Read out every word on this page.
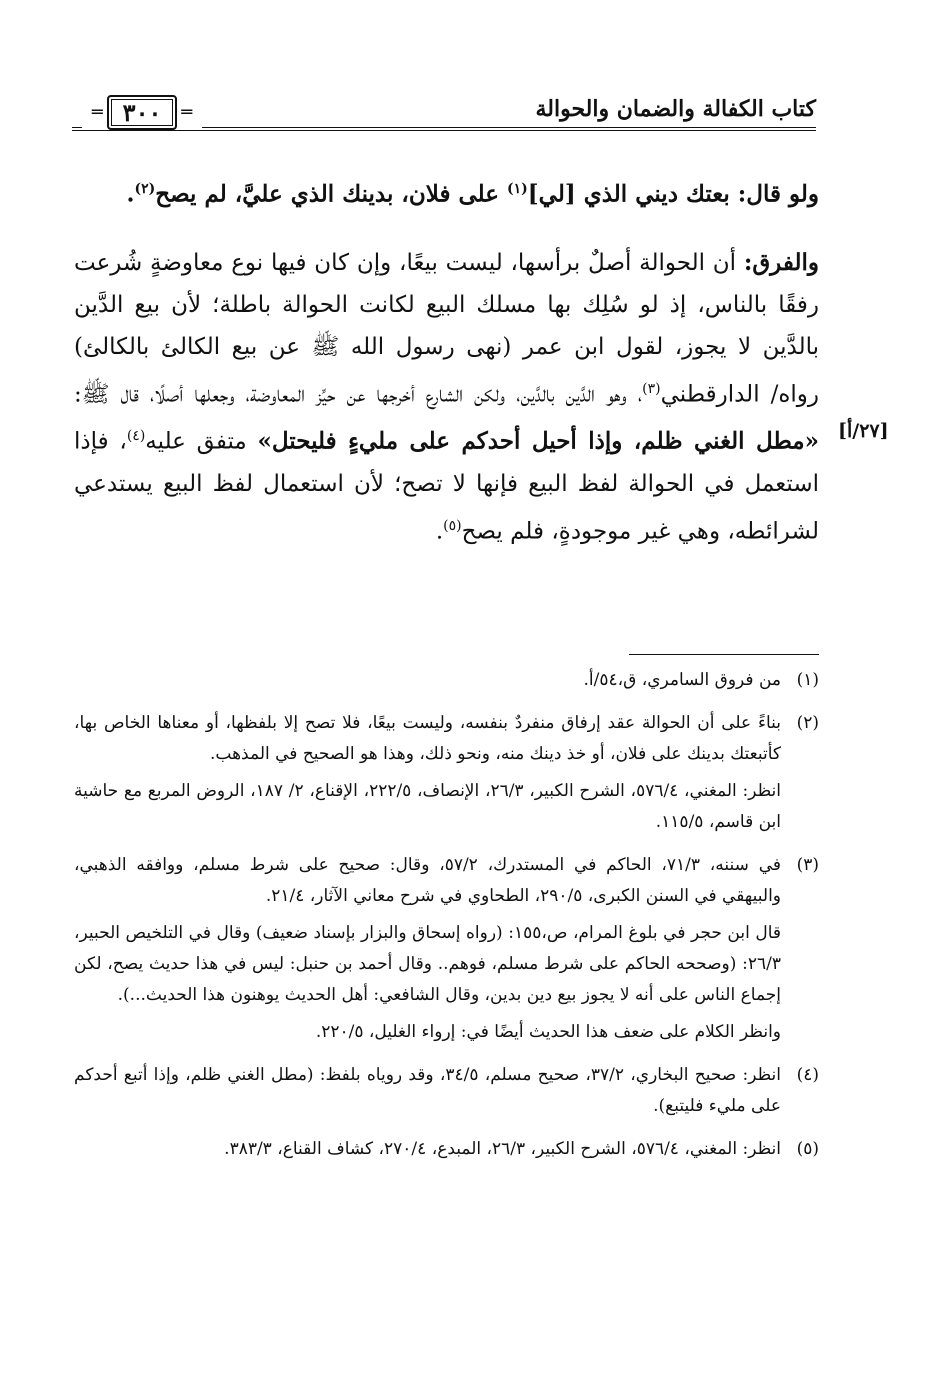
كتاب الكفالة والضمان والحوالة
═
٣٠٠
═
[٢٧/أ]

ولو قال: بعتك ديني الذي [لي]$^{(١)}$ على فلان، بدينك الذي عليَّ، لم يصح$^{(٢)}$.

والفرق: أن الحوالة أصلٌ برأسها، ليست بيعًا، وإن كان فيها نوع معاوضةٍ شُرعت رفقًا بالناس، إذ لو سُلِك بها مسلك البيع لكانت الحوالة باطلة؛ لأن بيع الدَّين بالدَّين لا يجوز، لقول ابن عمر (نهى رسول الله ﷺ عن بيع الكالئ بالكالئ) رواه/ الدارقطني$^{(٣)}$، وهو الدَّين بالدَّين، ولكن الشارع أخرجها عن حيِّز المعاوضة، وجعلها أصلًا، قال ﷺ: «مطل الغني ظلم، وإذا أحيل أحدكم على مليءٍ فليحتل» متفق عليه$^{(٤)}$، فإذا استعمل في الحوالة لفظ البيع فإنها لا تصح؛ لأن استعمال لفظ البيع يستدعي لشرائطه، وهي غير موجودةٍ، فلم يصح$^{(٥)}$.

(١)

من فروق السامري، ق،٥٤/أ.

(٢)

بناءً على أن الحوالة عقد إرفاق منفردٌ بنفسه، وليست بيعًا، فلا تصح إلا بلفظها، أو معناها الخاص بها، كأتبعتك بدينك على فلان، أو خذ دينك منه، ونحو ذلك، وهذا هو الصحيح في المذهب.

انظر: المغني، ٥٧٦/٤، الشرح الكبير، ٢٦/٣، الإنصاف، ٢٢٢/٥، الإقناع، ٢/ ١٨٧، الروض المربع مع حاشية ابن قاسم، ١١٥/٥.

(٣)

في سننه، ٧١/٣، الحاكم في المستدرك، ٥٧/٢، وقال: صحيح على شرط مسلم، ووافقه الذهبي، والبيهقي في السنن الكبرى، ٢٩٠/٥، الطحاوي في شرح معاني الآثار، ٢١/٤.

قال ابن حجر في بلوغ المرام، ص،١٥٥: (رواه إسحاق والبزار بإسناد ضعيف) وقال في التلخيص الحبير، ٢٦/٣: (وصححه الحاكم على شرط مسلم، فوهم.. وقال أحمد بن حنبل: ليس في هذا حديث يصح، لكن إجماع الناس على أنه لا يجوز بيع دين بدين، وقال الشافعي: أهل الحديث يوهنون هذا الحديث...).

وانظر الكلام على ضعف هذا الحديث أيضًا في: إرواء الغليل، ٢٢٠/٥.

(٤)

انظر: صحيح البخاري، ٣٧/٢، صحيح مسلم، ٣٤/٥، وقد روياه بلفظ: (مطل الغني ظلم، وإذا أتبع أحدكم على مليء فليتبع).

(٥)

انظر: المغني، ٥٧٦/٤، الشرح الكبير، ٢٦/٣، المبدع، ٢٧٠/٤، كشاف القناع، ٣٨٣/٣.
